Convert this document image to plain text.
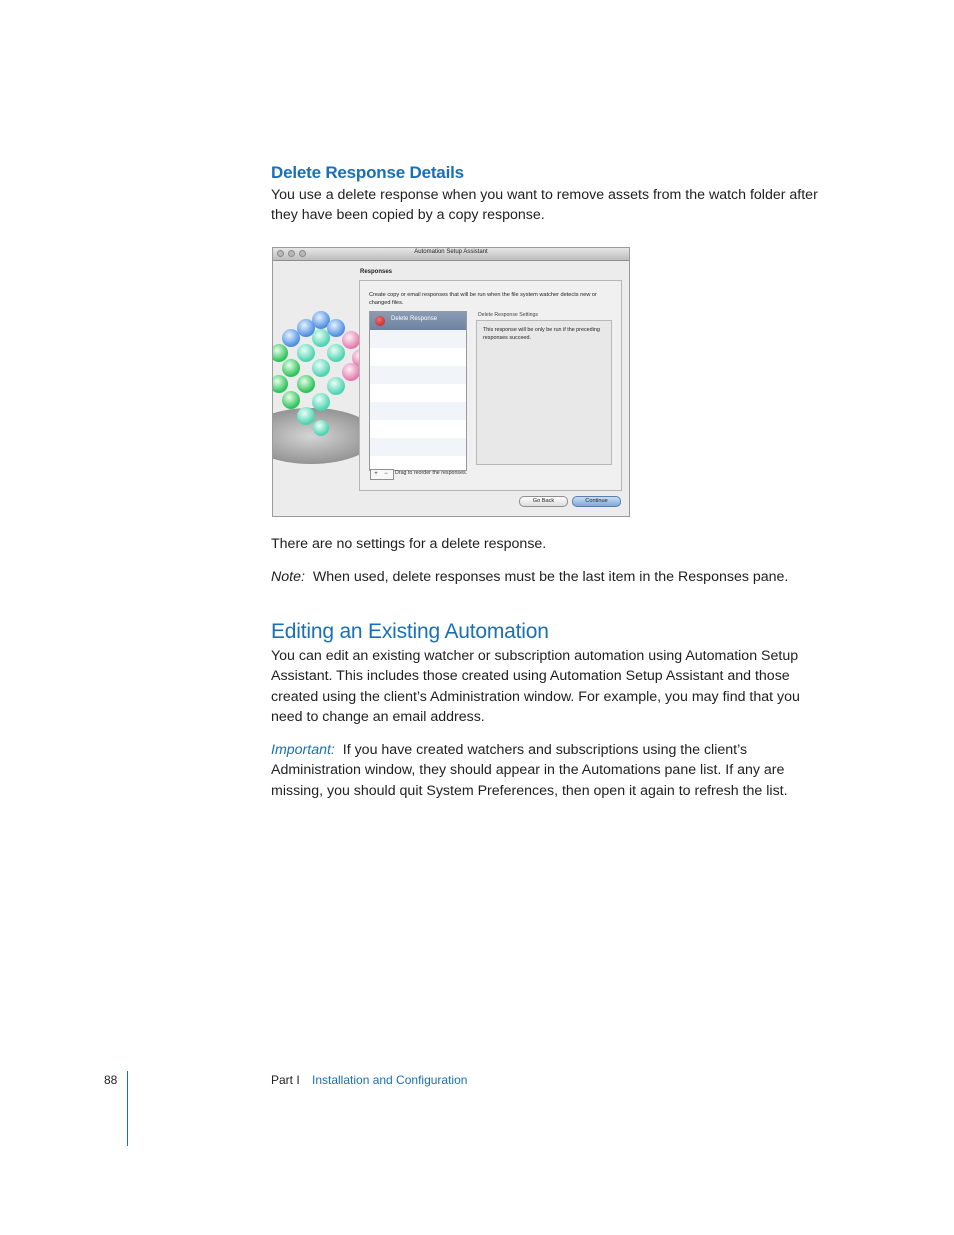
Delete Response Details
You use a delete response when you want to remove assets from the watch folder after they have been copied by a copy response.
Automation Setup Assistant
Responses
Create copy or email responses that will be run when the file system watcher detects new or changed files.
Delete Response
Delete Response Settings
This response will be only be run if the preceding responses succeed.
+ −	Drag to reorder the responses.
Go Back	Continue
There are no settings for a delete response.
Note: When used, delete responses must be the last item in the Responses pane.
Editing an Existing Automation
You can edit an existing watcher or subscription automation using Automation Setup Assistant. This includes those created using Automation Setup Assistant and those created using the client’s Administration window. For example, you may find that you need to change an email address.
Important: If you have created watchers and subscriptions using the client’s Administration window, they should appear in the Automations pane list. If any are missing, you should quit System Preferences, then open it again to refresh the list.
88	Part I Installation and Configuration
